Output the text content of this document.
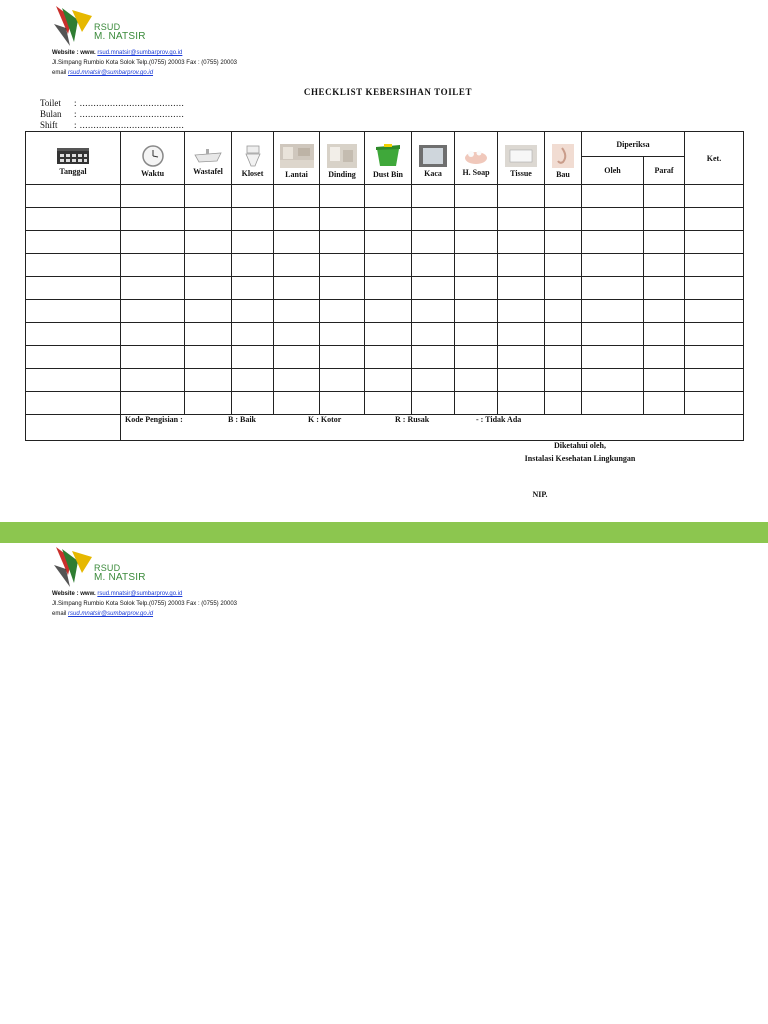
RSUD
M. NATSIR
Website : www. rsud.mnatsir@sumbarprov.go.id
Jl.Simpang Rumbio Kota Solok Telp.(0755) 20003 Fax : (0755) 20003
email rsud.mnatsir@sumbarprov.go.id
CHECKLIST KEBERSIHAN TOILET
Toilet	: ......................................
Bulan	: ......................................
Shift	: ......................................
Tanggal	Waktu	Wastafel	Kloset	Lantai	Dinding	Dust Bin	Kaca	H. Soap	Tissue	Bau	Diperiksa		Ket.
											Oleh	Paraf	

	Kode Pengisian : B : Baik K : Kotor R : Rusak - : Tidak Ada												
Diketahui oleh,
Instalasi Kesehatan Lingkungan
NIP.
RSUD
M. NATSIR
Website : www. rsud.mnatsir@sumbarprov.go.id
Jl.Simpang Rumbio Kota Solok Telp.(0755) 20003 Fax : (0755) 20003
email rsud.mnatsir@sumbarprov.go.id
